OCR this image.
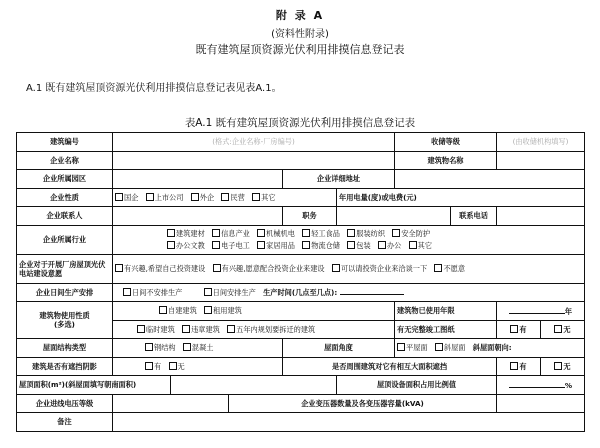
附 录 A
(资料性附录)
既有建筑屋顶资源光伏利用排摸信息登记表
A.1 既有建筑屋顶资源光伏利用排摸信息登记表见表A.1。
表A.1 既有建筑屋顶资源光伏利用排摸信息登记表
建筑编号	(格式:企业名称-厂房编号)					收储等级		(由收储机构填写)	
企业名称						建筑物名称			
企业所属园区				企业详细地址					
企业性质	国企 上市公司 外企 民营 其它				年用电量(度)或电费(元)				
企业联系人				职务			联系电话		
企业所属行业	建筑建材 信息产业 机械机电 轻工食品 服装纺织 安全防护
办公文教 电子电工 家居用品 物流仓储 包装 办公 其它								

企业对于开展厂房屋顶光伏电站建设意愿	有兴趣,希望自己投资建设 有兴趣,愿意配合投资企业来建设 可以请投资企业来洽谈一下 不愿意								
企业日间生产安排	日间不安排生产 日间安排生产 生产时间(几点至几点):								

建筑物使用性质
(多选)	自建建筑 租用建筑					建筑物已使用年限		年	
	临时建筑 违章建筑 五年内规划要拆迁的建筑					有无完整竣工图纸		有	无
屋面结构类型	钢结构 混凝土			屋面角度		平屋面 斜屋面 斜屋面朝向:			
建筑是否有遮挡阴影	有 无			是否周围建筑对它有相互大面积遮挡				有	无
屋顶面积(m²)(斜屋面填写朝南面积)					屋顶设备面积占用比例值			%	
企业进线电压等级			企业变压器数量及各变压器容量(kVA)						
备注									
